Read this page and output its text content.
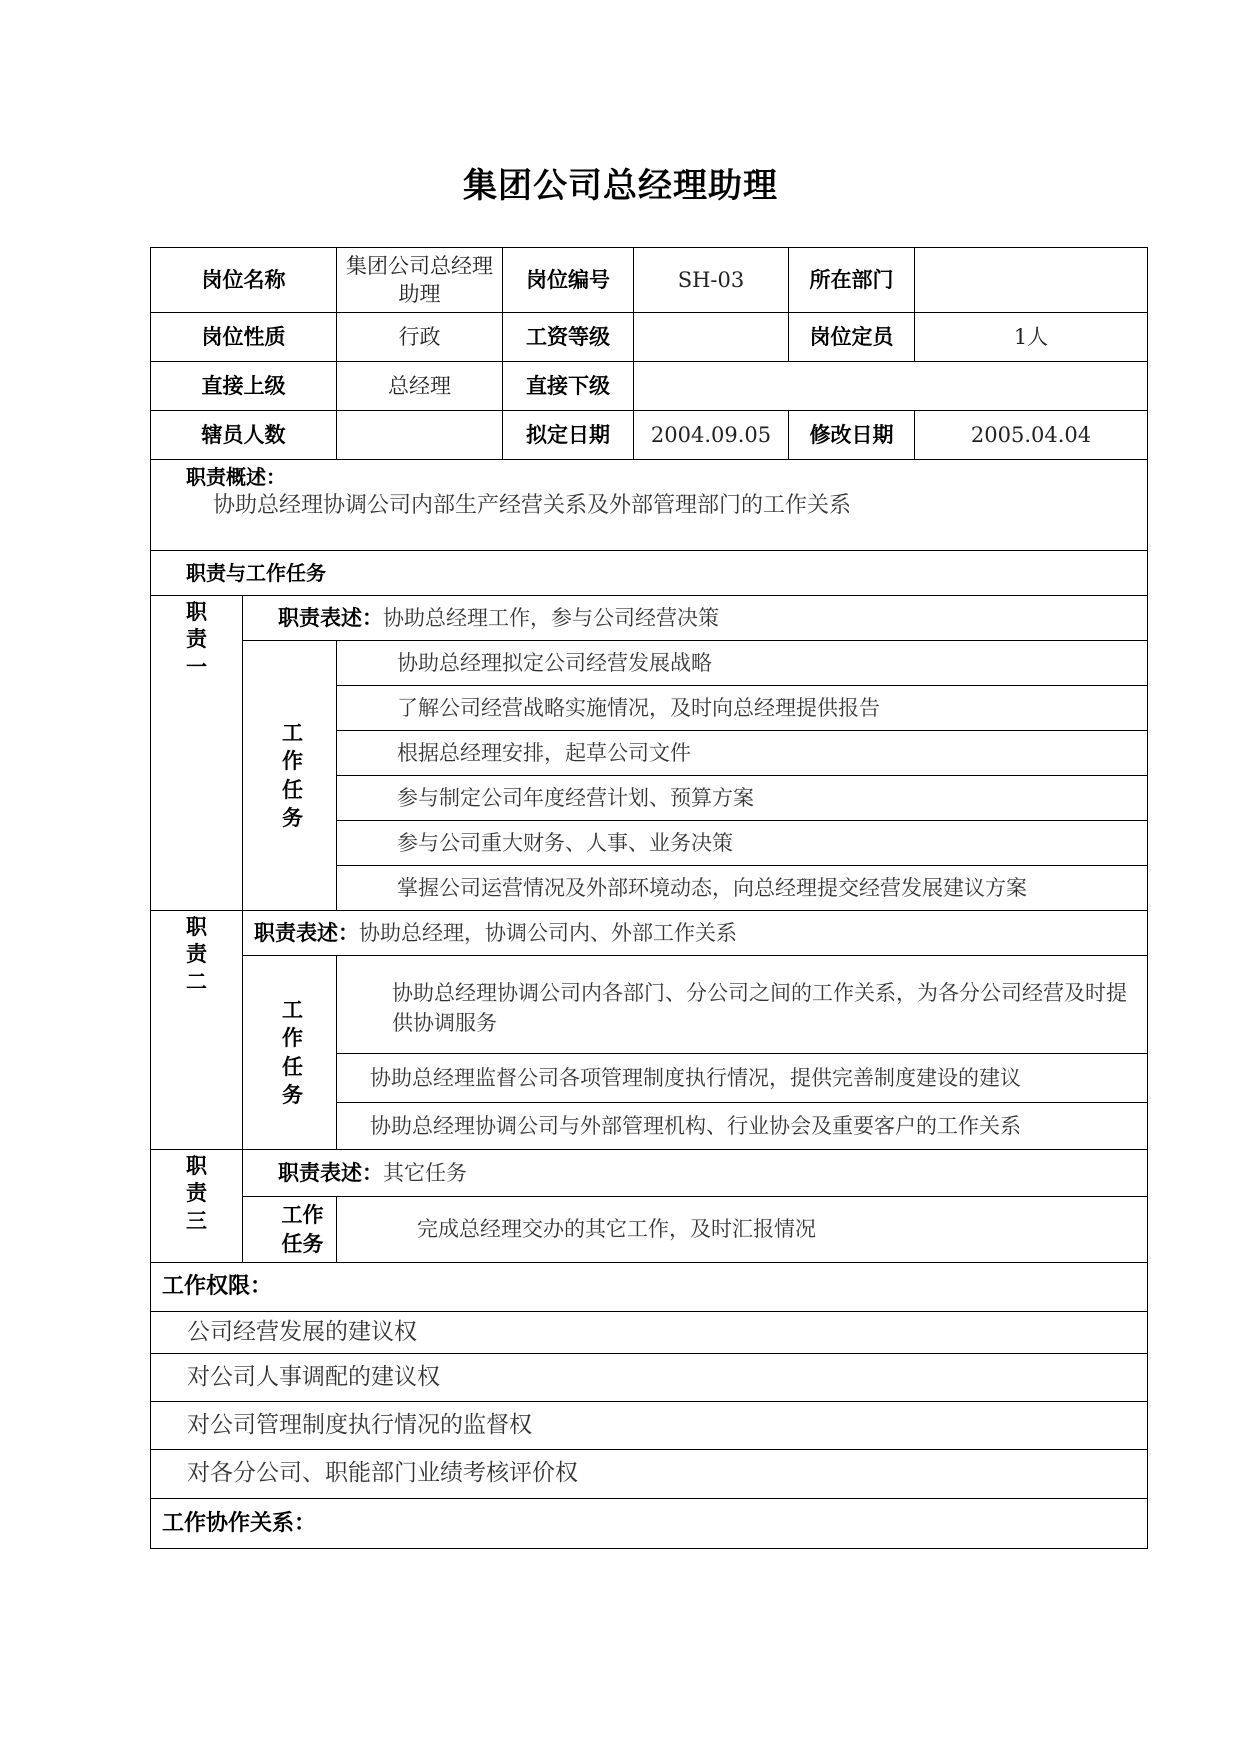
集团公司总经理助理
岗位名称		集团公司总经理助理	岗位编号	SH-03	所在部门	
岗位性质		行政	工资等级		岗位定员	1人
直接上级		总经理	直接下级			
辖员人数			拟定日期	2004.09.05	修改日期	2005.04.04

职责概述：
协助总经理协调公司内部生产经营关系及外部管理部门的工作关系						

职责与工作任务						
职责一	职责表述：协助总经理工作，参与公司经营决策					
	工作任务	协助总经理拟定公司经营发展战略				
		了解公司经营战略实施情况，及时向总经理提供报告				
		根据总经理安排，起草公司文件				
		参与制定公司年度经营计划、预算方案				
		参与公司重大财务、人事、业务决策				
		掌握公司运营情况及外部环境动态，向总经理提交经营发展建议方案				
职责二	职责表述：协助总经理，协调公司内、外部工作关系					
	工作任务	协助总经理协调公司内各部门、分公司之间的工作关系，为各分公司经营及时提供协调服务				
		协助总经理监督公司各项管理制度执行情况，提供完善制度建设的建议				
		协助总经理协调公司与外部管理机构、行业协会及重要客户的工作关系				
职责三	职责表述：其它任务					
	工作任务	完成总经理交办的其它工作，及时汇报情况				
工作权限：						
公司经营发展的建议权						
对公司人事调配的建议权						
对公司管理制度执行情况的监督权						
对各分公司、职能部门业绩考核评价权						
工作协作关系：						
